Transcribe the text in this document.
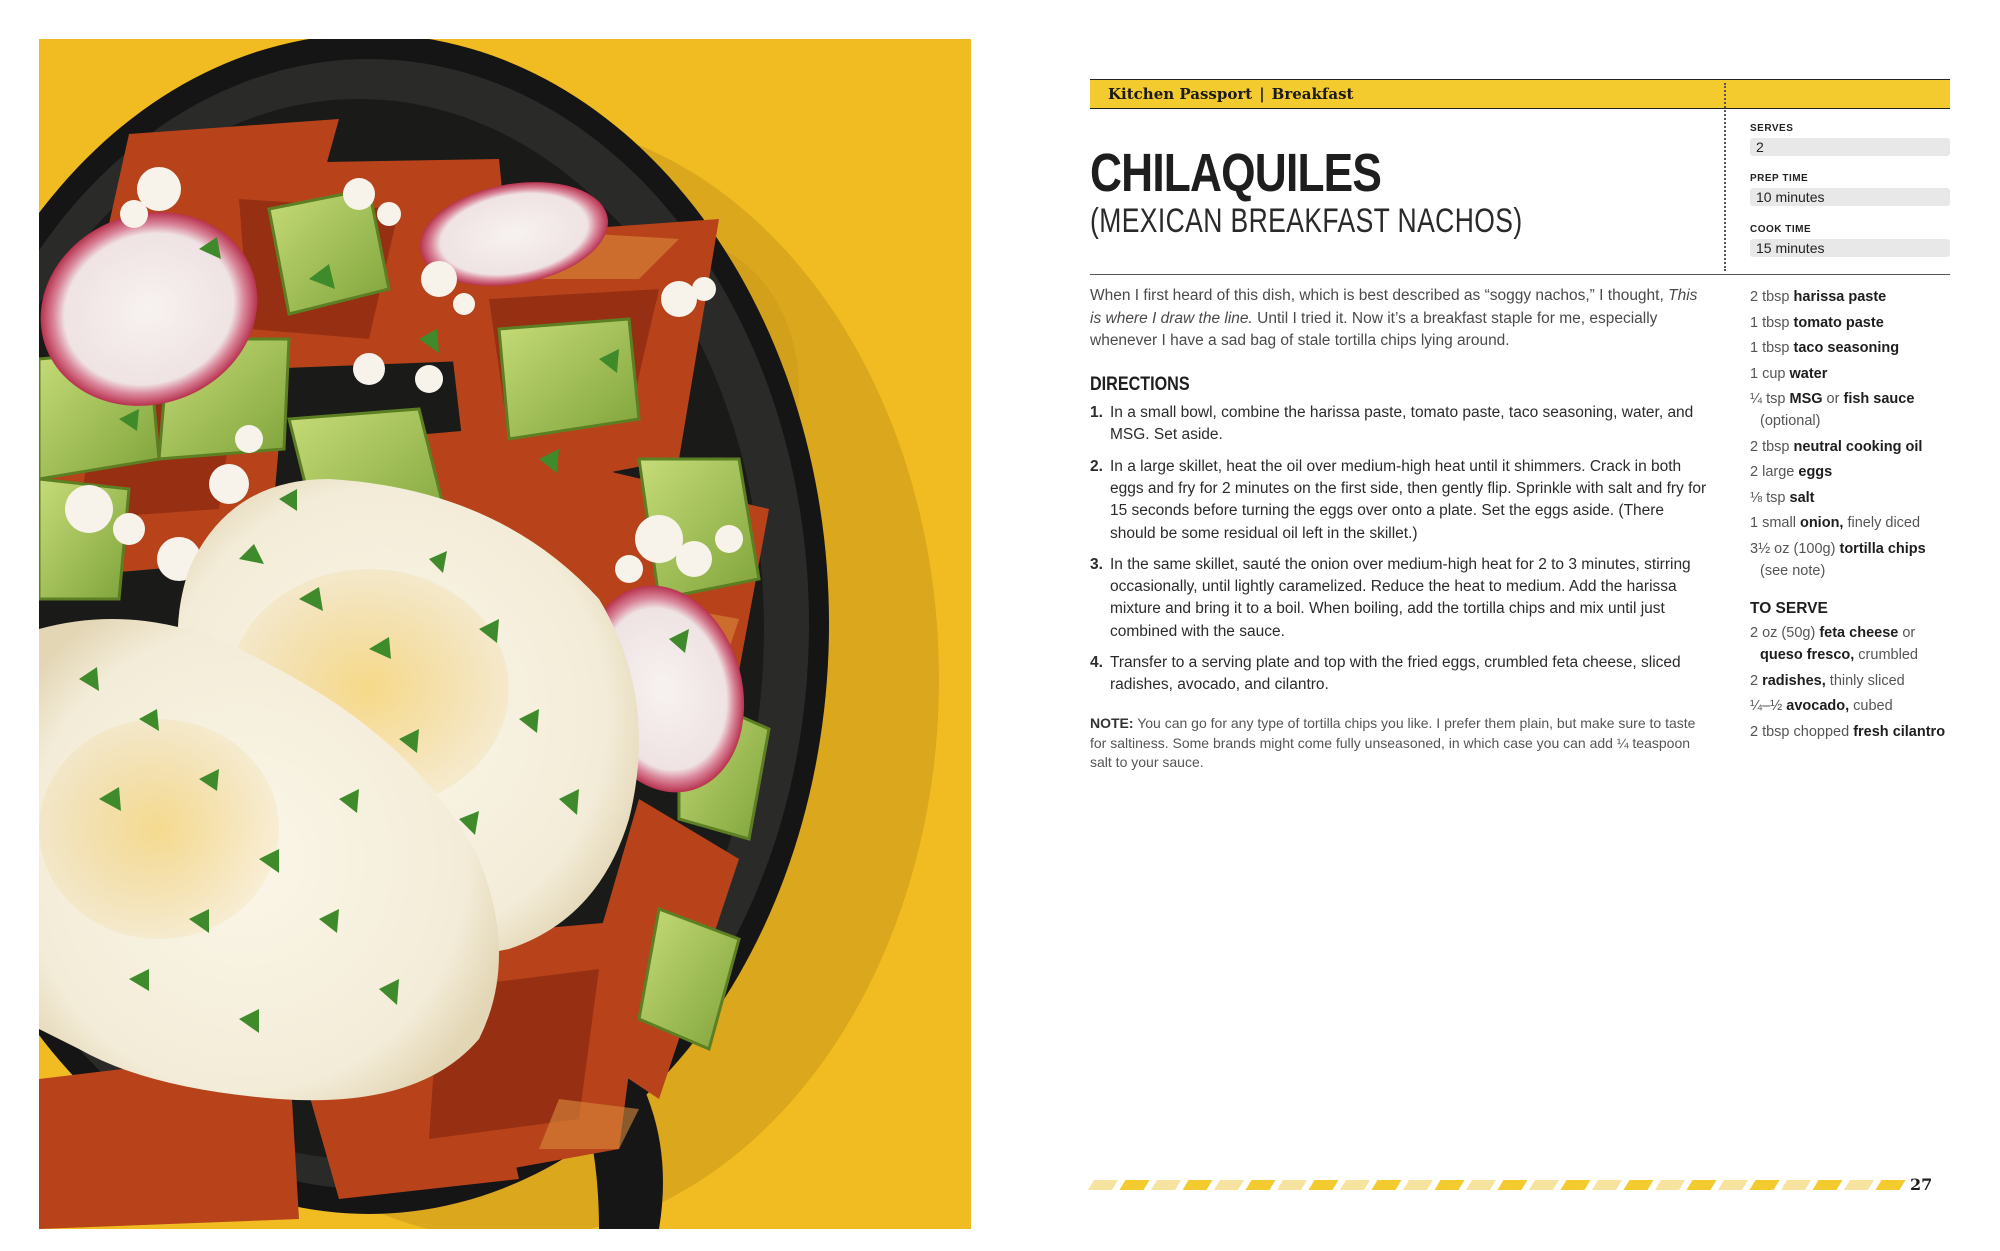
Kitchen Passport | Breakfast
CHILAQUILES
(MEXICAN BREAKFAST NACHOS)
SERVES
2
PREP TIME
10 minutes
COOK TIME
15 minutes

When I first heard of this dish, which is best described as “soggy nachos,” I thought, This is where I draw the line. Until I tried it. Now it’s a breakfast staple for me, especially whenever I have a sad bag of stale tortilla chips lying around.

DIRECTIONS
1. In a small bowl, combine the harissa paste, tomato paste, taco seasoning, water, and MSG. Set aside.
2. In a large skillet, heat the oil over medium-high heat until it shimmers. Crack in both eggs and fry for 2 minutes on the first side, then gently flip. Sprinkle with salt and fry for 15 seconds before turning the eggs over onto a plate. Set the eggs aside. (There should be some residual oil left in the skillet.)
3. In the same skillet, sauté the onion over medium-high heat for 2 to 3 minutes, stirring occasionally, until lightly caramelized. Reduce the heat to medium. Add the harissa mixture and bring it to a boil. When boiling, add the tortilla chips and mix until just combined with the sauce.
4. Transfer to a serving plate and top with the fried eggs, crumbled feta cheese, sliced radishes, avocado, and cilantro.

NOTE: You can go for any type of tortilla chips you like. I prefer them plain, but make sure to taste for saltiness. Some brands might come fully unseasoned, in which case you can add ¼ teaspoon salt to your sauce.

2 tbsp harissa paste
1 tbsp tomato paste
1 tbsp taco seasoning
1 cup water
¼ tsp MSG or fish sauce
(optional)
2 tbsp neutral cooking oil
2 large eggs
⅛ tsp salt
1 small onion, finely diced
3½ oz (100g) tortilla chips
(see note)
TO SERVE
2 oz (50g) feta cheese or
queso fresco, crumbled
2 radishes, thinly sliced
¼–½ avocado, cubed
2 tbsp chopped fresh cilantro
27
